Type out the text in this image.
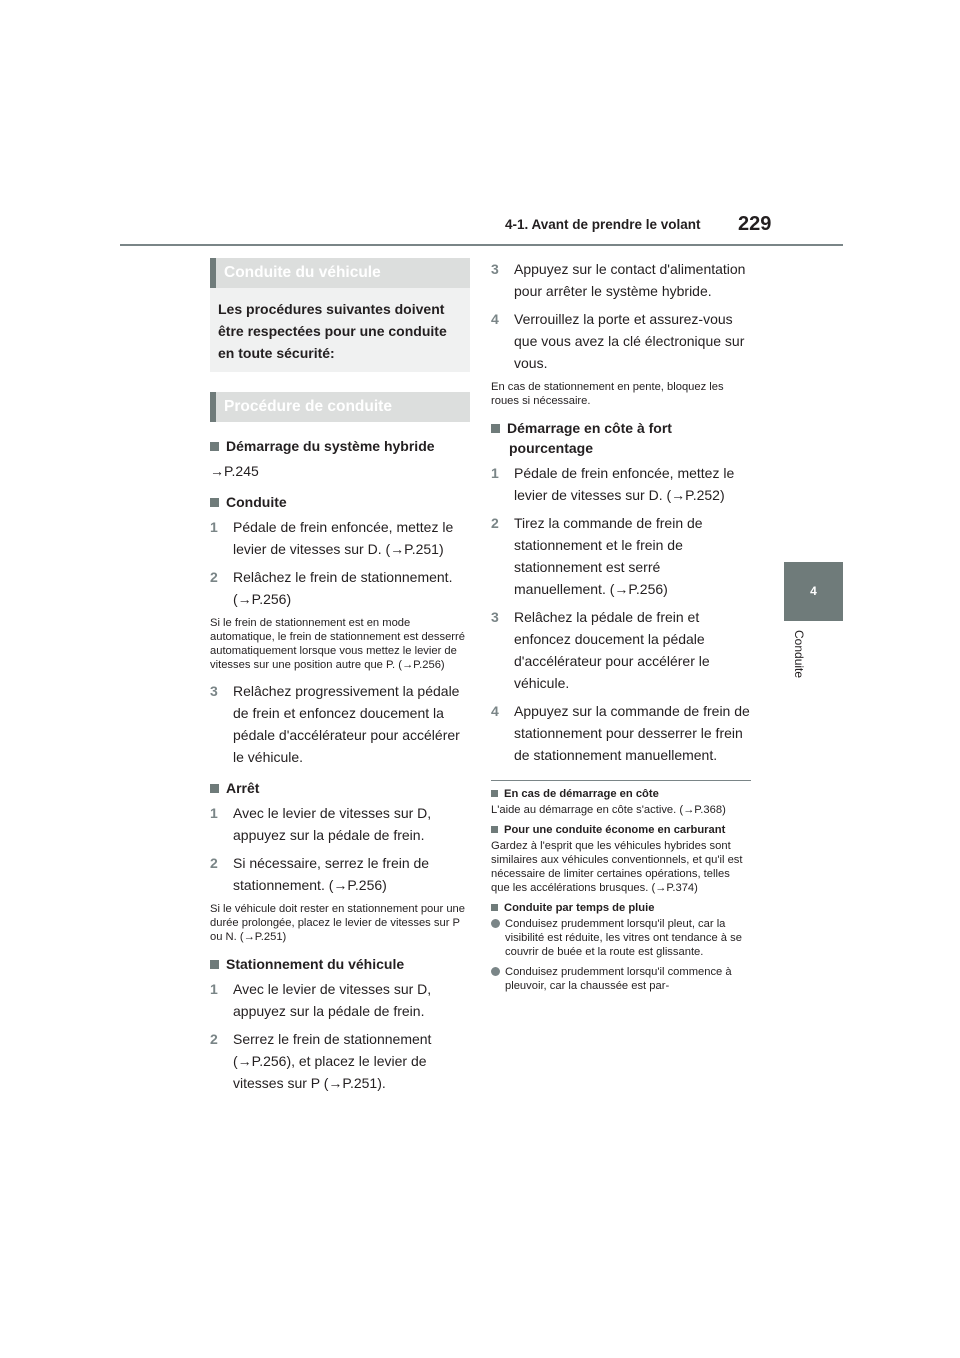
4-1. Avant de prendre le volant 229
4
Conduite
Conduite du véhicule
Les procédures suivantes doivent être respectées pour une conduite en toute sécurité:
Procédure de conduite
Démarrage du système hybride
→P.245
Conduite
1 Pédale de frein enfoncée, mettez le levier de vitesses sur D. (→P.251)
2 Relâchez le frein de stationnement. (→P.256)
Si le frein de stationnement est en mode automatique, le frein de stationnement est desserré automatiquement lorsque vous mettez le levier de vitesses sur une position autre que P. (→P.256)
3 Relâchez progressivement la pédale de frein et enfoncez doucement la pédale d'accélérateur pour accélérer le véhicule.
Arrêt
1 Avec le levier de vitesses sur D, appuyez sur la pédale de frein.
2 Si nécessaire, serrez le frein de stationnement. (→P.256)
Si le véhicule doit rester en stationnement pour une durée prolongée, placez le levier de vitesses sur P ou N. (→P.251)
Stationnement du véhicule
1 Avec le levier de vitesses sur D, appuyez sur la pédale de frein.
2 Serrez le frein de stationnement (→P.256), et placez le levier de vitesses sur P (→P.251).
3 Appuyez sur le contact d'alimentation pour arrêter le système hybride.
4 Verrouillez la porte et assurez-vous que vous avez la clé électronique sur vous.
En cas de stationnement en pente, bloquez les roues si nécessaire.
Démarrage en côte à fort pourcentage
1 Pédale de frein enfoncée, mettez le levier de vitesses sur D. (→P.252)
2 Tirez la commande de frein de stationnement et le frein de stationnement est serré manuellement. (→P.256)
3 Relâchez la pédale de frein et enfoncez doucement la pédale d'accélérateur pour accélérer le véhicule.
4 Appuyez sur la commande de frein de stationnement pour desserrer le frein de stationnement manuellement.
En cas de démarrage en côte
L'aide au démarrage en côte s'active. (→P.368)
Pour une conduite économe en carburant
Gardez à l'esprit que les véhicules hybrides sont similaires aux véhicules conventionnels, et qu'il est nécessaire de limiter certaines opérations, telles que les accélérations brusques. (→P.374)
Conduite par temps de pluie
Conduisez prudemment lorsqu'il pleut, car la visibilité est réduite, les vitres ont tendance à se couvrir de buée et la route est glissante.
Conduisez prudemment lorsqu'il commence à pleuvoir, car la chaussée est par-
